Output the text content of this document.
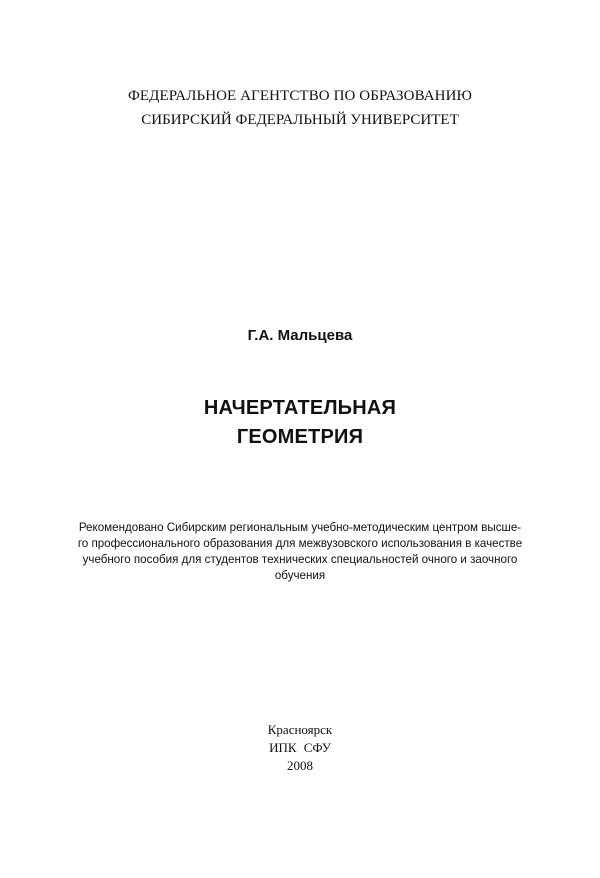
ФЕДЕРАЛЬНОЕ АГЕНТСТВО ПО ОБРАЗОВАНИЮ
СИБИРСКИЙ ФЕДЕРАЛЬНЫЙ УНИВЕРСИТЕТ
Г.А. Мальцева
НАЧЕРТАТЕЛЬНАЯ
ГЕОМЕТРИЯ
Рекомендовано Сибирским региональным учебно-методическим центром высше-
го профессионального образования для межвузовского использования в качестве
учебного пособия для студентов технических специальностей очного и заочного
обучения
Красноярск
ИПК СФУ
2008
